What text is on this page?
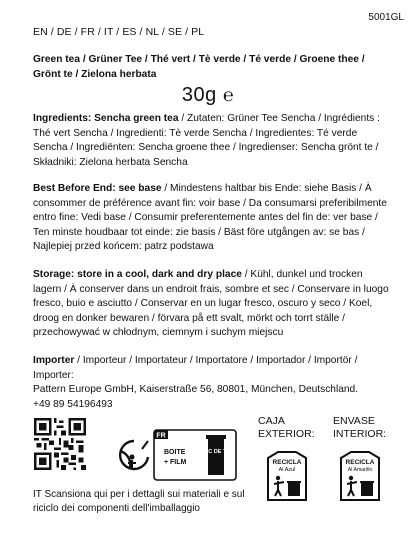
5001GL
EN / DE / FR / IT / ES / NL / SE / PL
Green tea / Grüner Tee / Thé vert / Tè verde / Té verde / Groene thee / Grönt te / Zielona herbata
30g ℮
Ingredients: Sencha green tea / Zutaten: Grüner Tee Sencha / Ingrédients : Thé vert Sencha / Ingredienti: Tè verde Sencha / Ingredientes: Té verde Sencha / Ingrediënten: Sencha groene thee / Ingredienser: Sencha grönt te / Składniki: Zielona herbata Sencha
Best Before End: see base / Mindestens haltbar bis Ende: siehe Basis / À consommer de préférence avant fin: voir base / Da consumarsi preferibilmente entro fine: Vedi base / Consumir preferentemente antes del fin de: ver base / Ten minste houdbaar tot einde: zie basis / Bäst före utgången av: se bas / Najlepiej przed końcem: patrz podstawa
Storage: store in a cool, dark and dry place / Kühl, dunkel und trocken lagern / À conserver dans un endroit frais, sombre et sec / Conservare in luogo fresco, buio e asciutto / Conservar en un lugar fresco, oscuro y seco / Koel, droog en donker bewaren / förvara på ett svalt, mörkt och torrt ställe / przechowywać w chłodnym, ciemnym i suchym miejscu
Importer / Importeur / Importateur / Importatore / Importador / Importör / Importer:
Pattern Europe GmbH, Kaiserstraße 56, 80801, München, Deutschland.
+49 89 54196493
FR
BOITE
+ FILM
BAC DE TRI
CAJA
EXTERIOR:
RECICLA
Al Azul
ENVASE
INTERIOR:
RECICLA
Al Amarillo
IT Scansiona qui per i dettagli sui materiali e sul riciclo dei componenti dell'imballaggio
